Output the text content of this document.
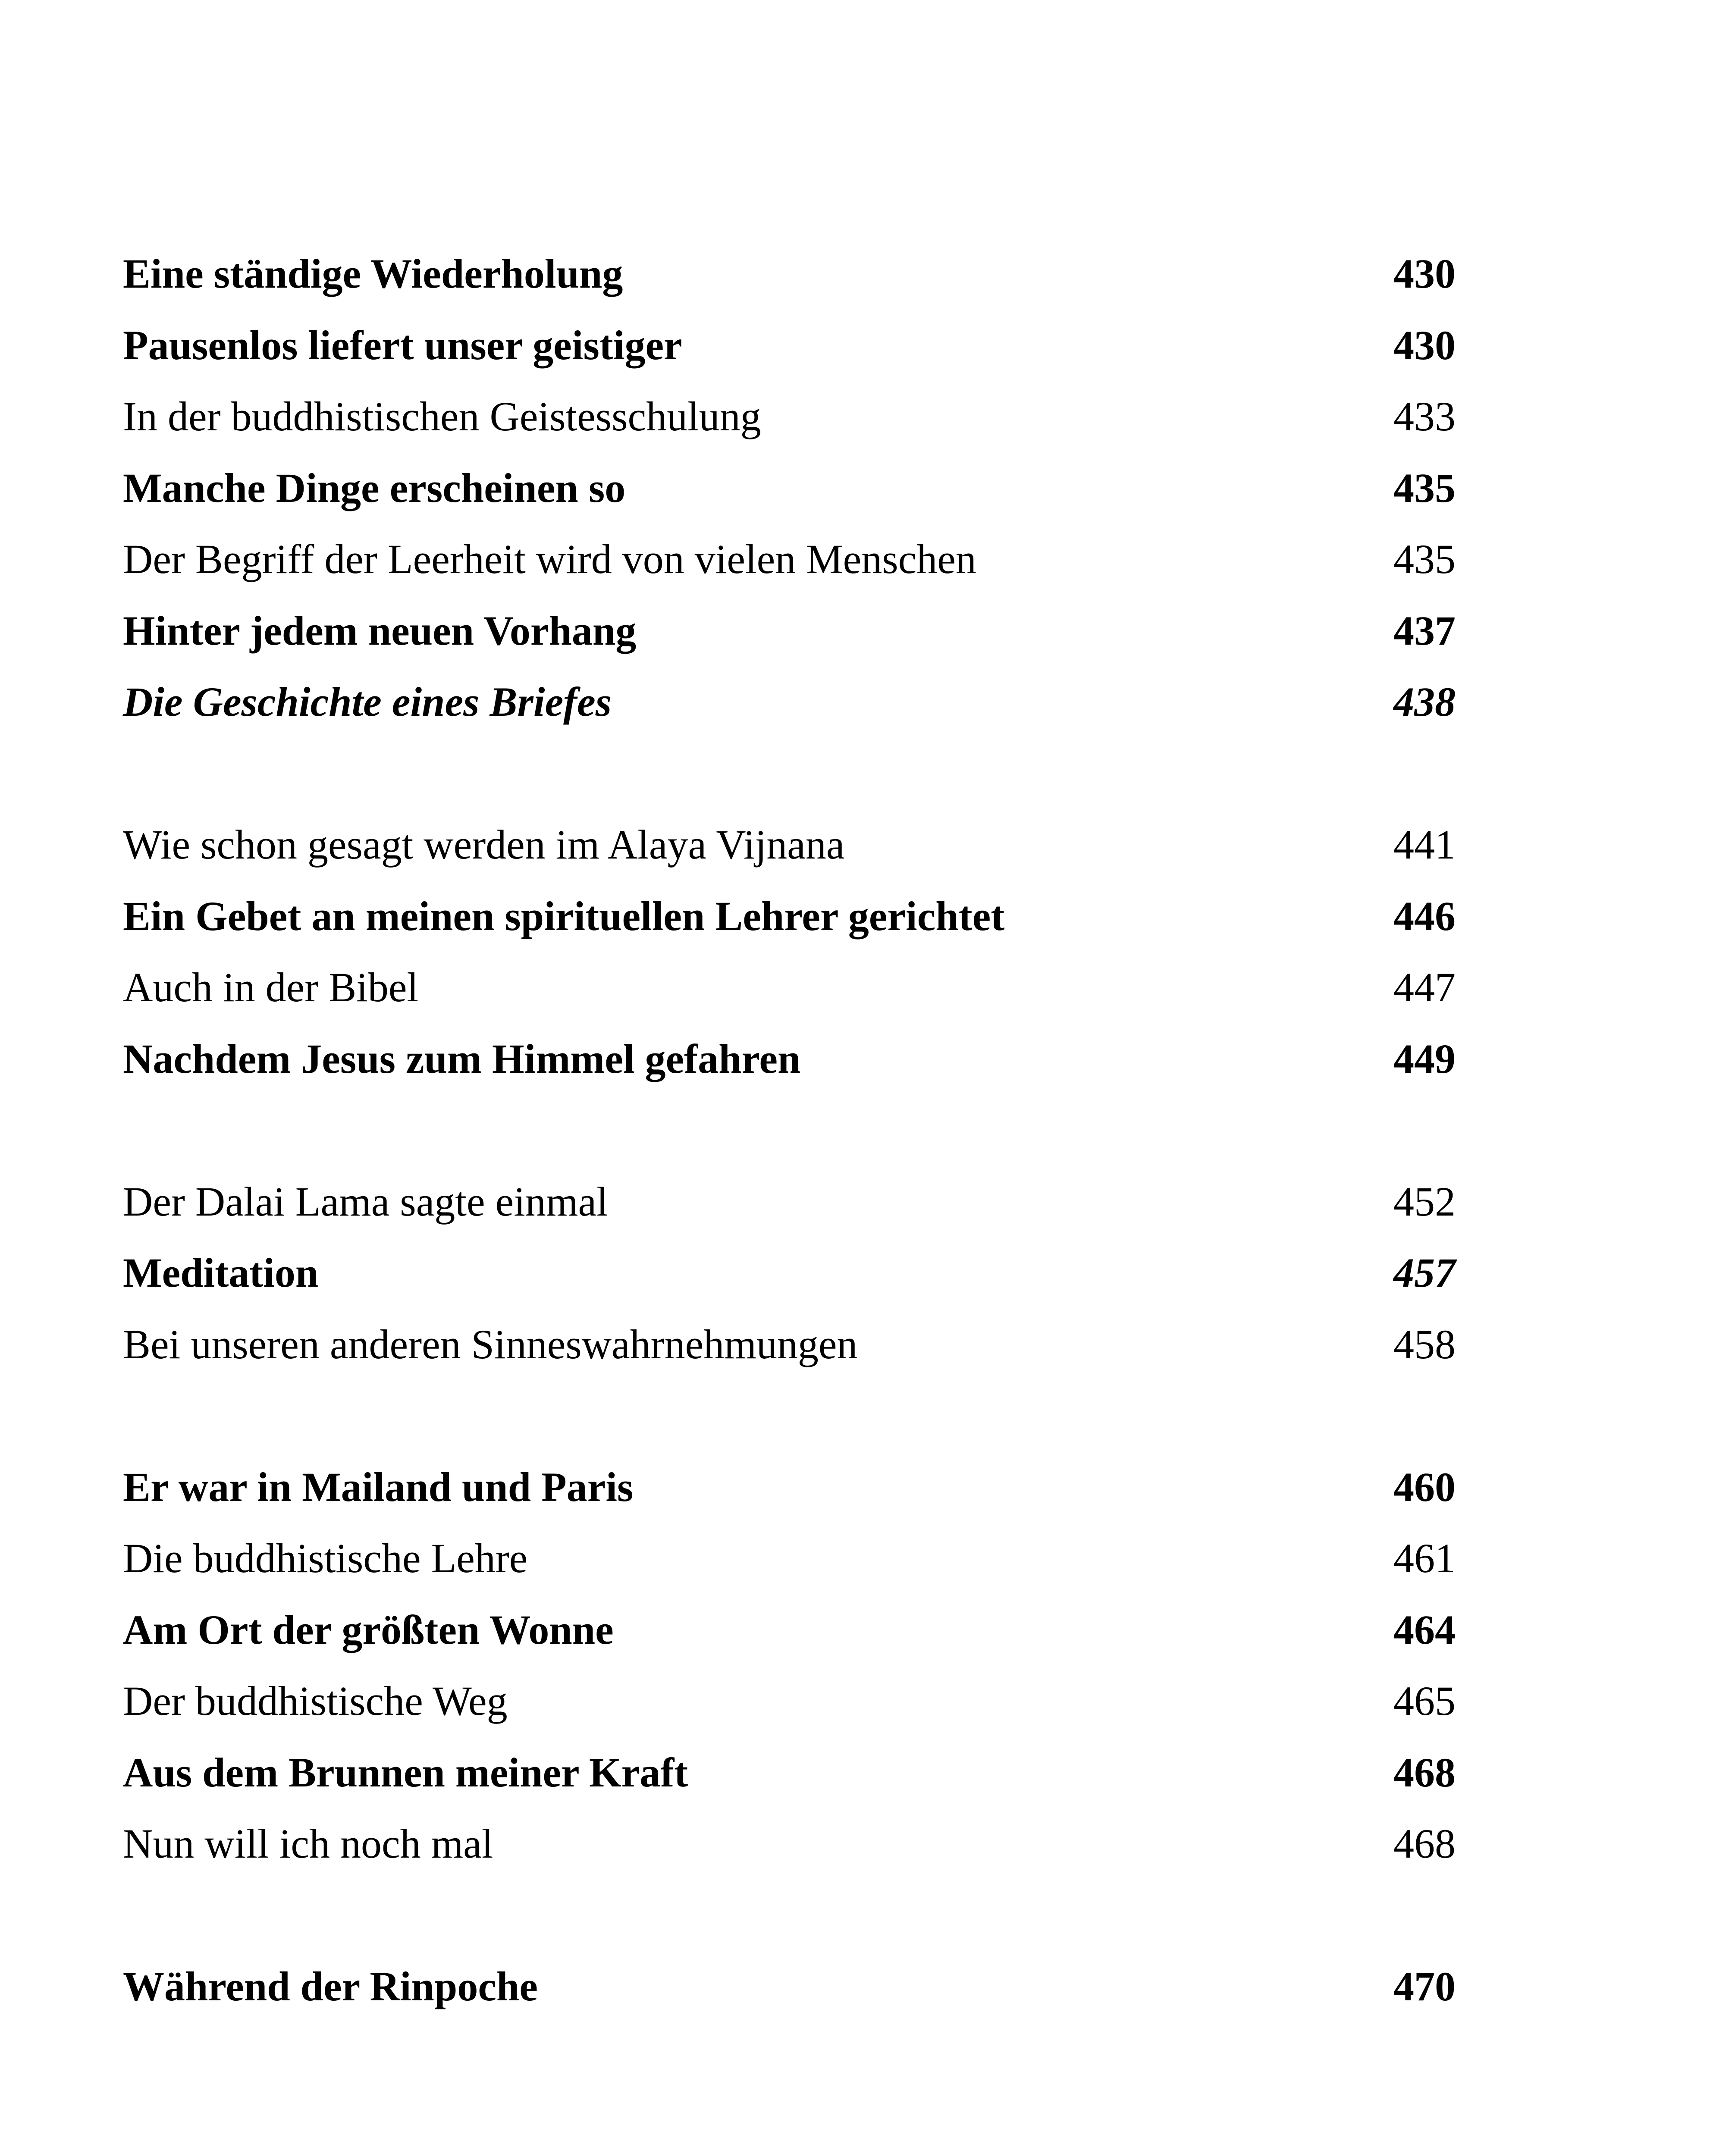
Eine ständige Wiederholung	430
Pausenlos liefert unser geistiger	430
In der buddhistischen Geistesschulung	433
Manche Dinge erscheinen so	435
Der Begriff der Leerheit wird von vielen Menschen	435
Hinter jedem neuen Vorhang	437
Die Geschichte eines Briefes	438
Wie schon gesagt werden im Alaya Vijnana	441
Ein Gebet an meinen spirituellen Lehrer gerichtet	446
Auch in der Bibel	447
Nachdem Jesus zum Himmel gefahren	449
Der Dalai Lama sagte einmal	452
Meditation	457
Bei unseren anderen Sinneswahrnehmungen	458
Er war in Mailand und Paris	460
Die buddhistische Lehre	461
Am Ort der größten Wonne	464
Der buddhistische Weg	465
Aus dem Brunnen meiner Kraft	468
Nun will ich noch mal	468
Während der Rinpoche	470
